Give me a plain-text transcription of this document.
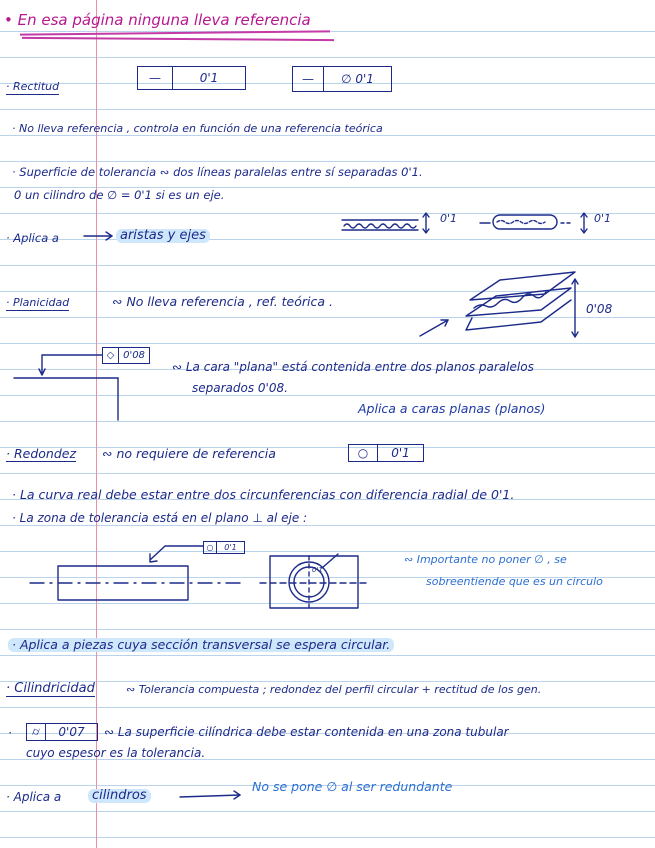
• En esa página ninguna lleva referencia
· Rectitud
—	0'1	—	∅ 0'1
· No lleva referencia , controla en función de una referencia teórica
· Superficie de tolerancia ∾ dos líneas paralelas entre sí separadas 0'1.
0 un cilindro de ∅ = 0'1 si es un eje.
0'1	0'1
· Aplica a	aristas y ejes
· Planicidad	∾ No lleva referencia , ref. teórica .	0'08
◇ 0'08
∾ La cara "plana" está contenida entre dos planos paralelos
separados 0'08.
Aplica a caras planas (planos)
· Redondez ∾ no requiere de referencia	○	0'1
· La curva real debe estar entre dos circunferencias con diferencia radial de 0'1.
· La zona de tolerancia está en el plano ⊥ al eje :
○	0'1
0'1
∾ Importante no poner ∅ , se
sobreentiende que es un circulo
· Aplica a piezas cuya sección transversal se espera circular.
· Cilindricidad	∾ Tolerancia compuesta ; redondez del perfil circular + rectitud de los gen.
·	⌭	0'07	∾ La superficie cilíndrica debe estar contenida en una zona tubular
cuyo espesor es la tolerancia.
· Aplica a	cilindros
No se pone ∅ al ser redundante
